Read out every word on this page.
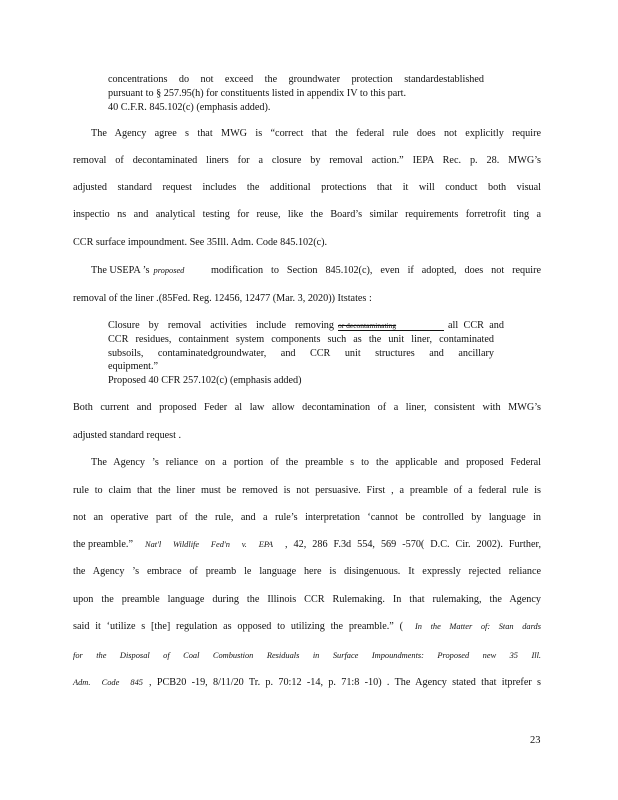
concentrations do not exceed the groundwater protection standardestablished
pursuant to § 257.95(h) for constituents listed in appendix IV to this part.
40 C.F.R. 845.102(c) (emphasis added).
The Agency agree s that MWG is “correct that the federal rule does not explicitly require
removal of decontaminated liners for a closure by removal action.” IEPA Rec. p. 28. MWG’s
adjusted standard request includes the additional protections that it will conduct both visual
inspectio ns and analytical testing for reuse, like the Board’s similar requirements forretrofit ting a
CCR surface impoundment. See 35Ill. Adm. Code 845.102(c).
The USEPA ’s proposed	modification to Section 845.102(c), even if adopted, does not require
removal of the liner .(85Fed. Reg. 12456, 12477 (Mar. 3, 2020)) Itstates :
Closure by removal activities include removing or decontaminating	all CCR and
CCR residues, containment system components such as the unit liner, contaminated
subsoils, contaminatedgroundwater, and CCR unit structures and ancillary
equipment.”
Proposed 40 CFR 257.102(c) (emphasis added)
Both current and proposed Feder al law allow decontamination of a liner, consistent with MWG’s
adjusted standard request .
The Agency ’s reliance on a portion of the preamble s to the applicable and proposed Federal
rule to claim that the liner must be removed is not persuasive. First , a preamble of a federal rule is
not an operative part of the rule, and a rule’s interpretation ‘cannot be controlled by language in
the preamble.” Nat'l Wildlife Fed'n v. EPA , 42, 286 F.3d 554, 569 -570( D.C. Cir. 2002). Further,
the Agency ’s embrace of preamb le language here is disingenuous. It expressly rejected reliance
upon the preamble language during the Illinois CCR Rulemaking. In that rulemaking, the Agency
said it ‘utilize s [the] regulation as opposed to utilizing the preamble.” ( In the Matter of: Stan dards
for the Disposal of Coal Combustion Residuals in Surface Impoundments: Proposed new 35 Ill.
Adm. Code 845 , PCB20 -19, 8/11/20 Tr. p. 70:12 -14, p. 71:8 -10) . The Agency stated that itprefer s
23
